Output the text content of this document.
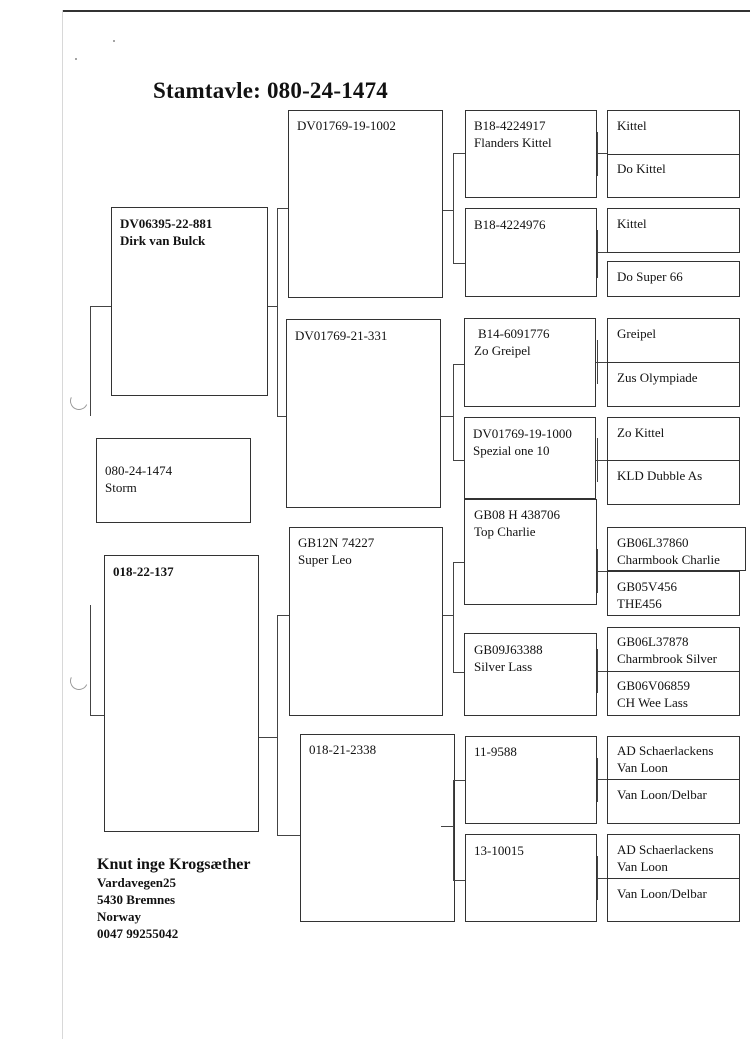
Stamtavle: 080-24-1474
080-24-1474
Storm
DV06395-22-881
Dirk van Bulck
018-22-137
DV01769-19-1002
DV01769-21-331
GB12N 74227
Super Leo
018-21-2338
B18-4224917
Flanders Kittel
B18-4224976
B14-6091776
Zo Greipel
DV01769-19-1000
Spezial one 10
GB08 H 438706
Top Charlie
GB09J63388
Silver Lass
11-9588
13-10015
Kittel
Do Kittel
Kittel
Do Super 66
Greipel
Zus Olympiade
Zo Kittel
KLD Dubble As
GB06L37860
Charmbook Charlie
GB05V456
THE456
GB06L37878
Charmbrook Silver
GB06V06859
CH Wee Lass
AD Schaerlackens
Van Loon
Van Loon/Delbar
AD Schaerlackens
Van Loon
Van Loon/Delbar
Knut inge Krogsæther
Vardavegen25
5430 Bremnes
Norway
0047 99255042
